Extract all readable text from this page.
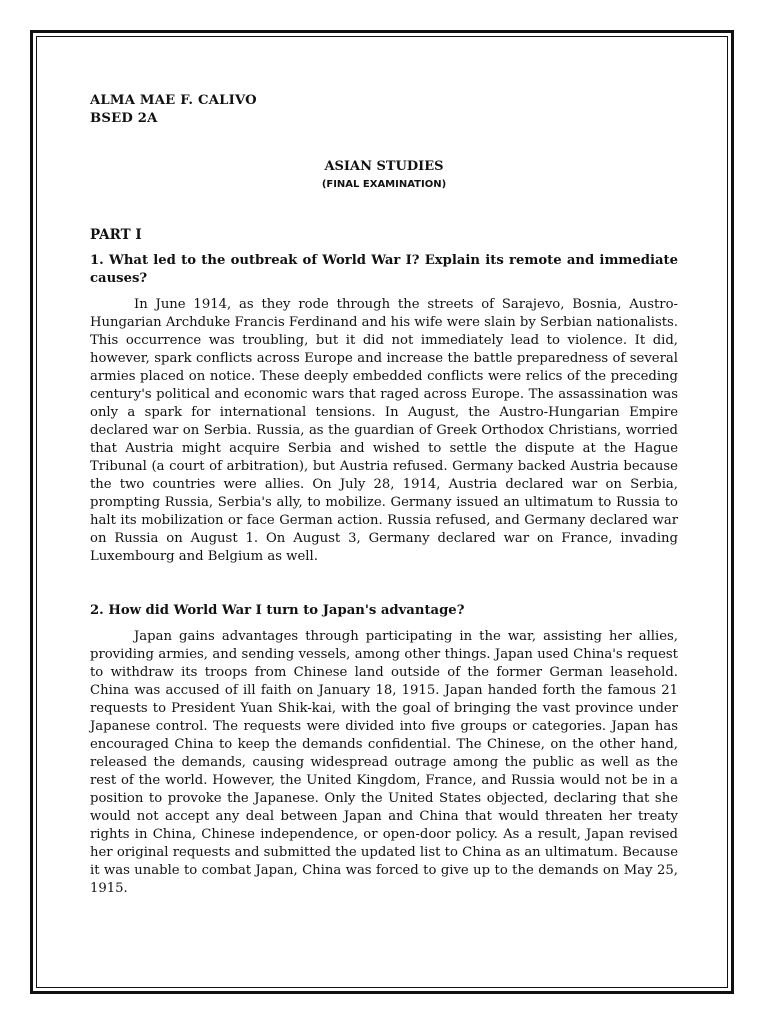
ALMA MAE F. CALIVO

BSED 2A

ASIAN STUDIES

(FINAL EXAMINATION)

PART I

1. What led to the outbreak of World War I? Explain its remote and immediate causes?

In June 1914, as they rode through the streets of Sarajevo, Bosnia, Austro-Hungarian Archduke Francis Ferdinand and his wife were slain by Serbian nationalists. This occurrence was troubling, but it did not immediately lead to violence. It did, however, spark conflicts across Europe and increase the battle preparedness of several armies placed on notice. These deeply embedded conflicts were relics of the preceding century's political and economic wars that raged across Europe. The assassination was only a spark for international tensions. In August, the Austro-Hungarian Empire declared war on Serbia. Russia, as the guardian of Greek Orthodox Christians, worried that Austria might acquire Serbia and wished to settle the dispute at the Hague Tribunal (a court of arbitration), but Austria refused. Germany backed Austria because the two countries were allies. On July 28, 1914, Austria declared war on Serbia, prompting Russia, Serbia's ally, to mobilize. Germany issued an ultimatum to Russia to halt its mobilization or face German action. Russia refused, and Germany declared war on Russia on August 1. On August 3, Germany declared war on France, invading Luxembourg and Belgium as well.

2. How did World War I turn to Japan's advantage?

Japan gains advantages through participating in the war, assisting her allies, providing armies, and sending vessels, among other things. Japan used China's request to withdraw its troops from Chinese land outside of the former German leasehold. China was accused of ill faith on January 18, 1915. Japan handed forth the famous 21 requests to President Yuan Shik-kai, with the goal of bringing the vast province under Japanese control. The requests were divided into five groups or categories. Japan has encouraged China to keep the demands confidential. The Chinese, on the other hand, released the demands, causing widespread outrage among the public as well as the rest of the world. However, the United Kingdom, France, and Russia would not be in a position to provoke the Japanese. Only the United States objected, declaring that she would not accept any deal between Japan and China that would threaten her treaty rights in China, Chinese independence, or open-door policy. As a result, Japan revised her original requests and submitted the updated list to China as an ultimatum. Because it was unable to combat Japan, China was forced to give up to the demands on May 25, 1915.
